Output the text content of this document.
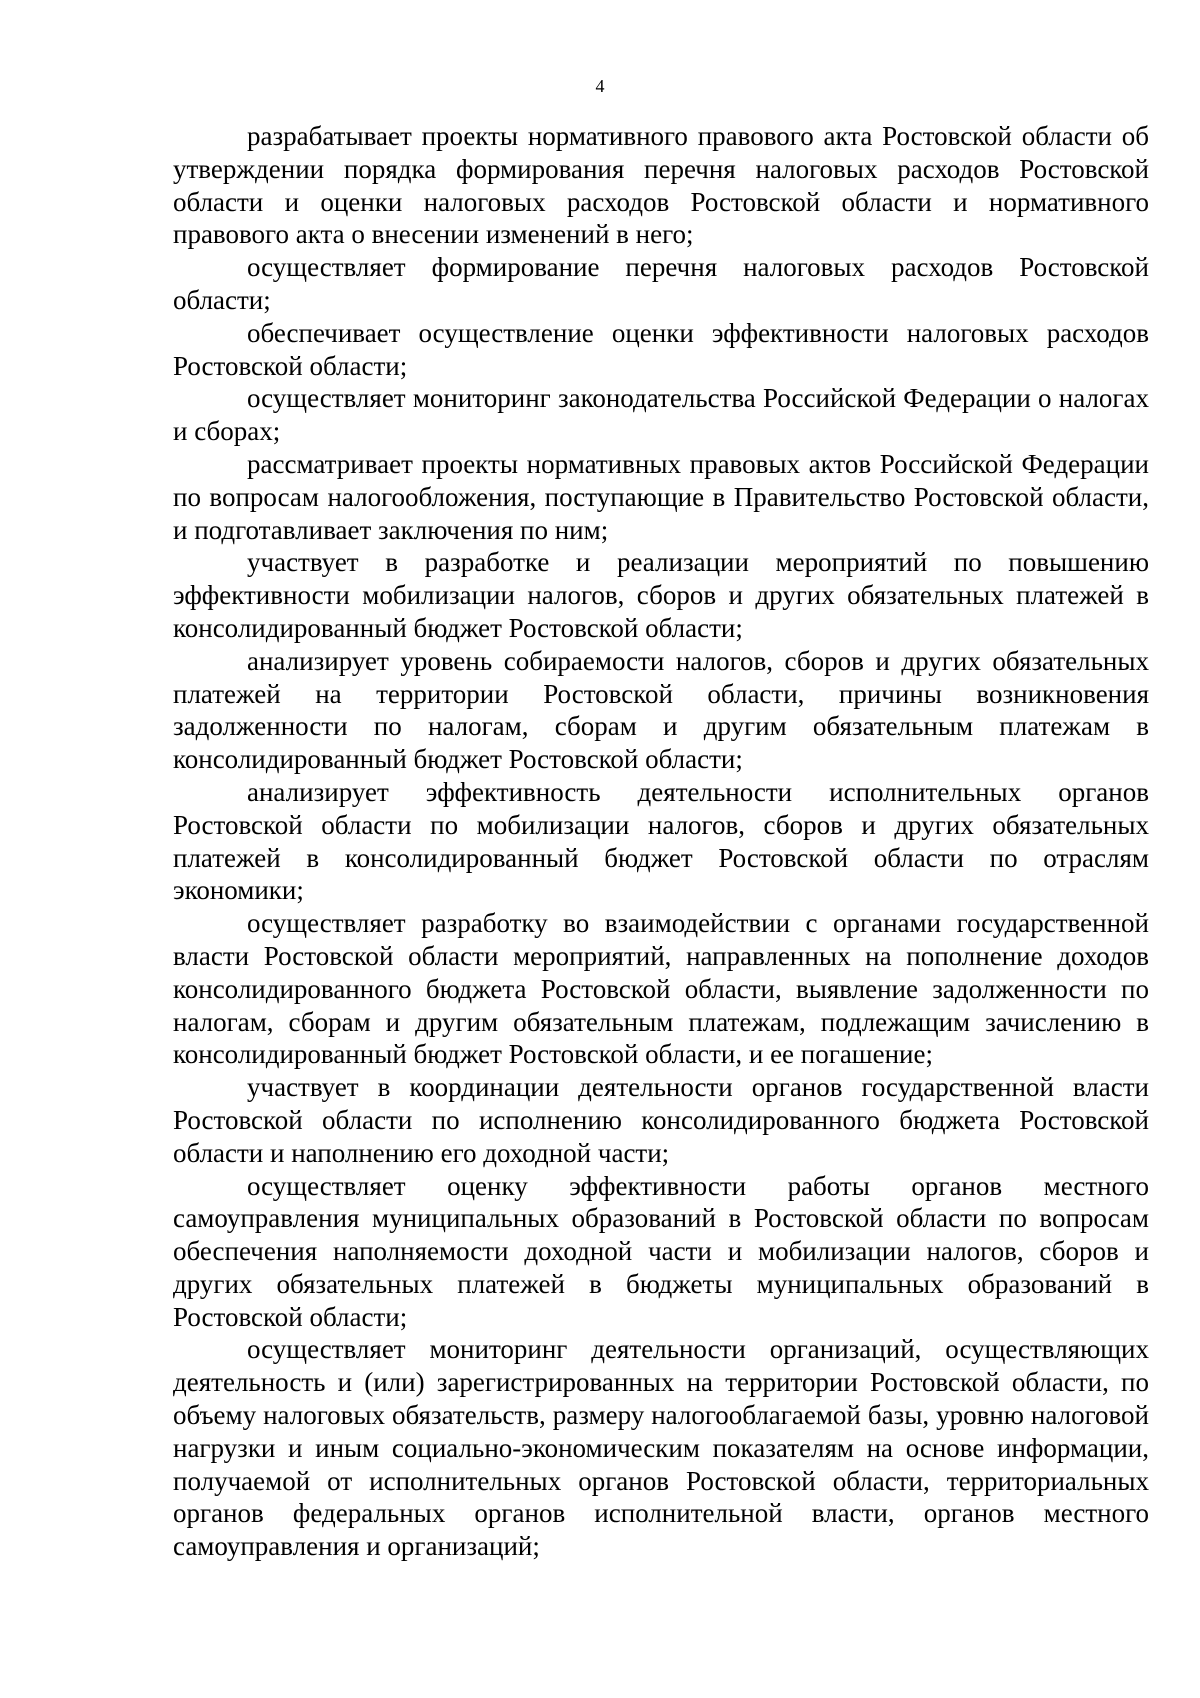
4

разрабатывает проекты нормативного правового акта Ростовской области об утверждении порядка формирования перечня налоговых расходов Ростовской области и оценки налоговых расходов Ростовской области и нормативного правового акта о внесении изменений в него;

осуществляет формирование перечня налоговых расходов Ростовской области;

обеспечивает осуществление оценки эффективности налоговых расходов Ростовской области;

осуществляет мониторинг законодательства Российской Федерации о налогах и сборах;

рассматривает проекты нормативных правовых актов Российской Федерации по вопросам налогообложения, поступающие в Правительство Ростовской области, и подготавливает заключения по ним;

участвует в разработке и реализации мероприятий по повышению эффективности мобилизации налогов, сборов и других обязательных платежей в консолидированный бюджет Ростовской области;

анализирует уровень собираемости налогов, сборов и других обязательных платежей на территории Ростовской области, причины возникновения задолженности по налогам, сборам и другим обязательным платежам в консолидированный бюджет Ростовской области;

анализирует эффективность деятельности исполнительных органов Ростовской области по мобилизации налогов, сборов и других обязательных платежей в консолидированный бюджет Ростовской области по отраслям экономики;

осуществляет разработку во взаимодействии с органами государственной власти Ростовской области мероприятий, направленных на пополнение доходов консолидированного бюджета Ростовской области, выявление задолженности по налогам, сборам и другим обязательным платежам, подлежащим зачислению в консолидированный бюджет Ростовской области, и ее погашение;

участвует в координации деятельности органов государственной власти Ростовской области по исполнению консолидированного бюджета Ростовской области и наполнению его доходной части;

осуществляет оценку эффективности работы органов местного самоуправления муниципальных образований в Ростовской области по вопросам обеспечения наполняемости доходной части и мобилизации налогов, сборов и других обязательных платежей в бюджеты муниципальных образований в Ростовской области;

осуществляет мониторинг деятельности организаций, осуществляющих деятельность и (или) зарегистрированных на территории Ростовской области, по объему налоговых обязательств, размеру налогооблагаемой базы, уровню налоговой нагрузки и иным социально-экономическим показателям на основе информации, получаемой от исполнительных органов Ростовской области, территориальных органов федеральных органов исполнительной власти, органов местного самоуправления и организаций;
